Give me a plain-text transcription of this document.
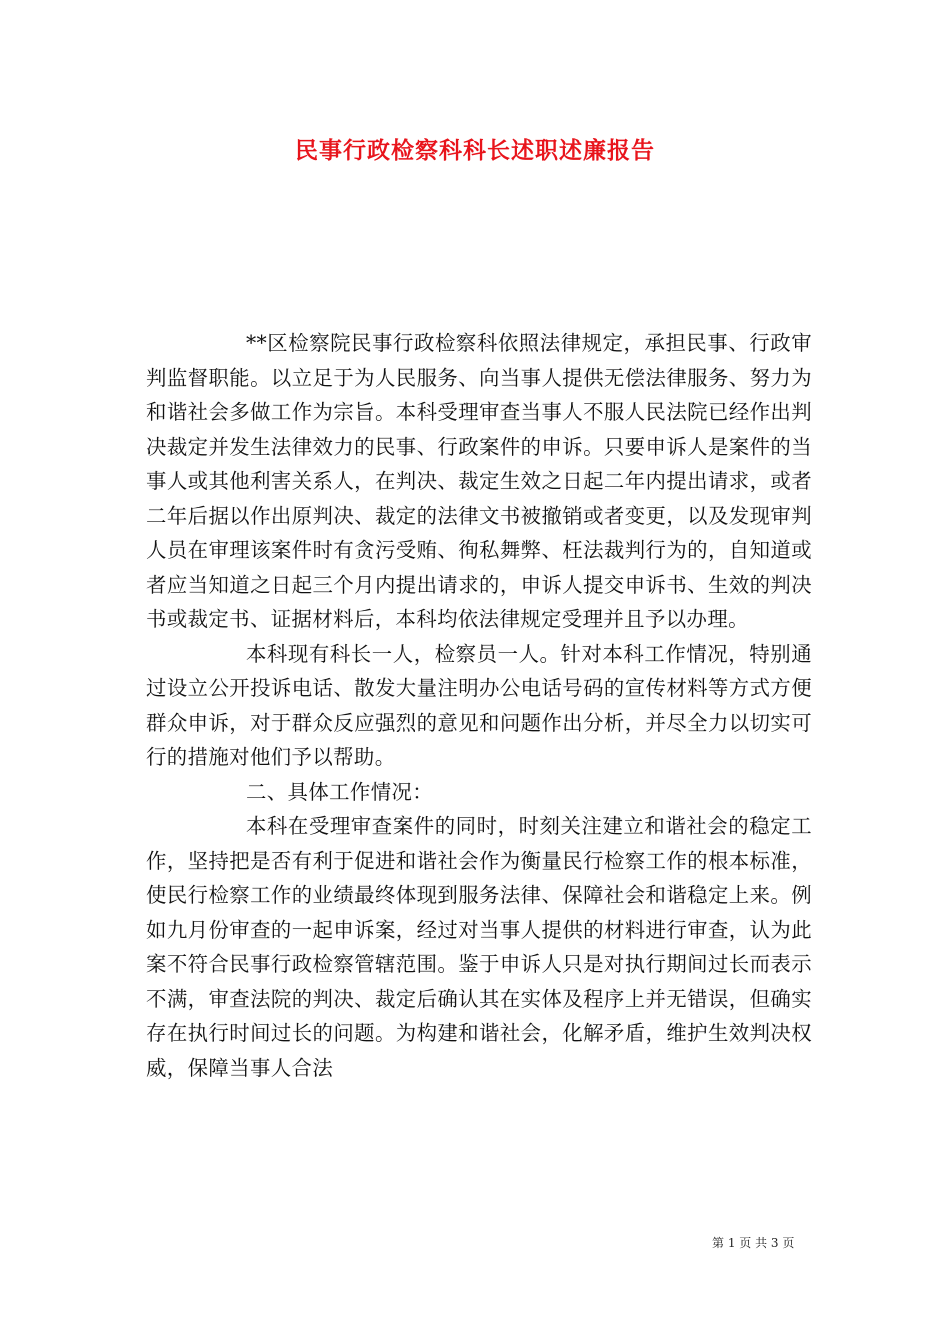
民事行政检察科科长述职述廉报告

**区检察院民事行政检察科依照法律规定，承担民事、行政审判监督职能。以立足于为人民服务、向当事人提供无偿法律服务、努力为和谐社会多做工作为宗旨。本科受理审查当事人不服人民法院已经作出判决裁定并发生法律效力的民事、行政案件的申诉。只要申诉人是案件的当事人或其他利害关系人，在判决、裁定生效之日起二年内提出请求，或者二年后据以作出原判决、裁定的法律文书被撤销或者变更，以及发现审判人员在审理该案件时有贪污受贿、徇私舞弊、枉法裁判行为的，自知道或者应当知道之日起三个月内提出请求的，申诉人提交申诉书、生效的判决书或裁定书、证据材料后，本科均依法律规定受理并且予以办理。

本科现有科长一人，检察员一人。针对本科工作情况，特别通过设立公开投诉电话、散发大量注明办公电话号码的宣传材料等方式方便群众申诉，对于群众反应强烈的意见和问题作出分析，并尽全力以切实可行的措施对他们予以帮助。

二、具体工作情况：

本科在受理审查案件的同时，时刻关注建立和谐社会的稳定工作，坚持把是否有利于促进和谐社会作为衡量民行检察工作的根本标准，使民行检察工作的业绩最终体现到服务法律、保障社会和谐稳定上来。例如九月份审查的一起申诉案，经过对当事人提供的材料进行审查，认为此案不符合民事行政检察管辖范围。鉴于申诉人只是对执行期间过长而表示不满，审查法院的判决、裁定后确认其在实体及程序上并无错误，但确实存在执行时间过长的问题。为构建和谐社会，化解矛盾，维护生效判决权威，保障当事人合法

第 1 页 共 3 页
